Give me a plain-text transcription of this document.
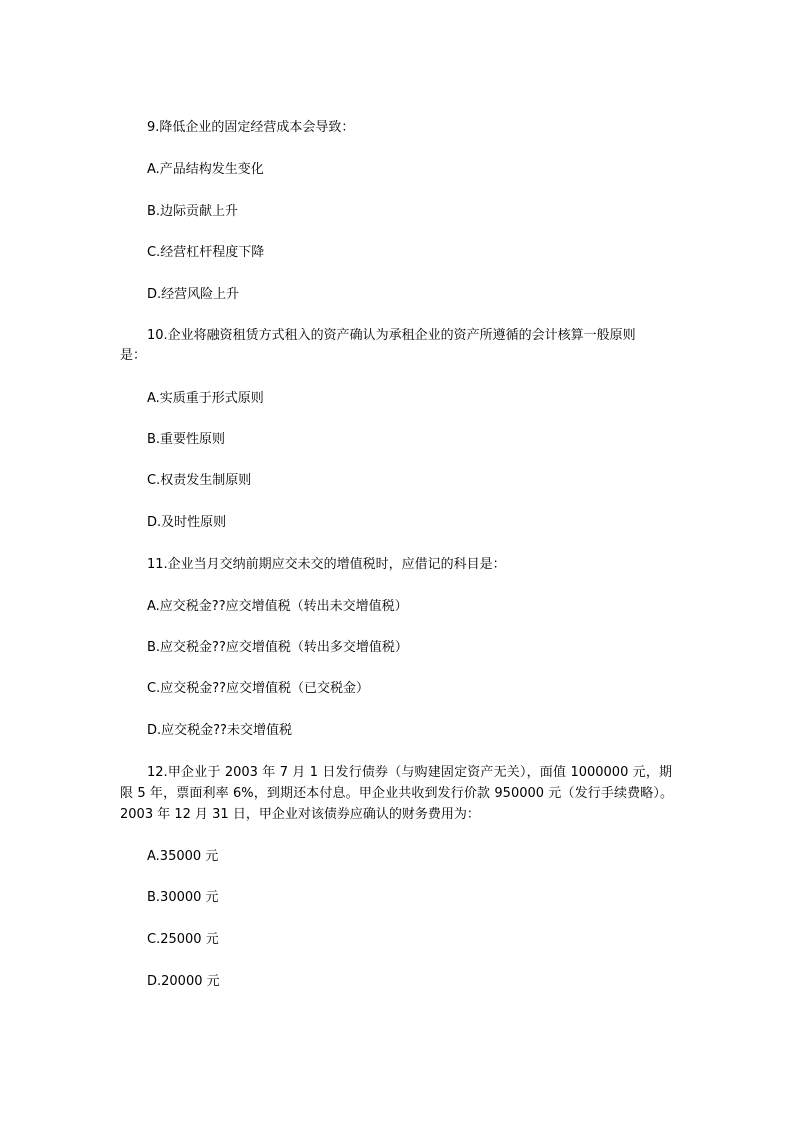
9.降低企业的固定经营成本会导致：
A.产品结构发生变化
B.边际贡献上升
C.经营杠杆程度下降
D.经营风险上升
10.企业将融资租赁方式租入的资产确认为承租企业的资产所遵循的会计核算一般原则
是：
A.实质重于形式原则
B.重要性原则
C.权责发生制原则
D.及时性原则
11.企业当月交纳前期应交未交的增值税时，应借记的科目是：
A.应交税金??应交增值税（转出未交增值税）
B.应交税金??应交增值税（转出多交增值税）
C.应交税金??应交增值税（已交税金）
D.应交税金??未交增值税
12.甲企业于 2003 年 7 月 1 日发行债券（与购建固定资产无关），面值 1000000 元，期
限 5 年，票面利率 6%，到期还本付息。甲企业共收到发行价款 950000 元（发行手续费略）。
2003 年 12 月 31 日，甲企业对该债券应确认的财务费用为：
A.35000 元
B.30000 元
C.25000 元
D.20000 元
